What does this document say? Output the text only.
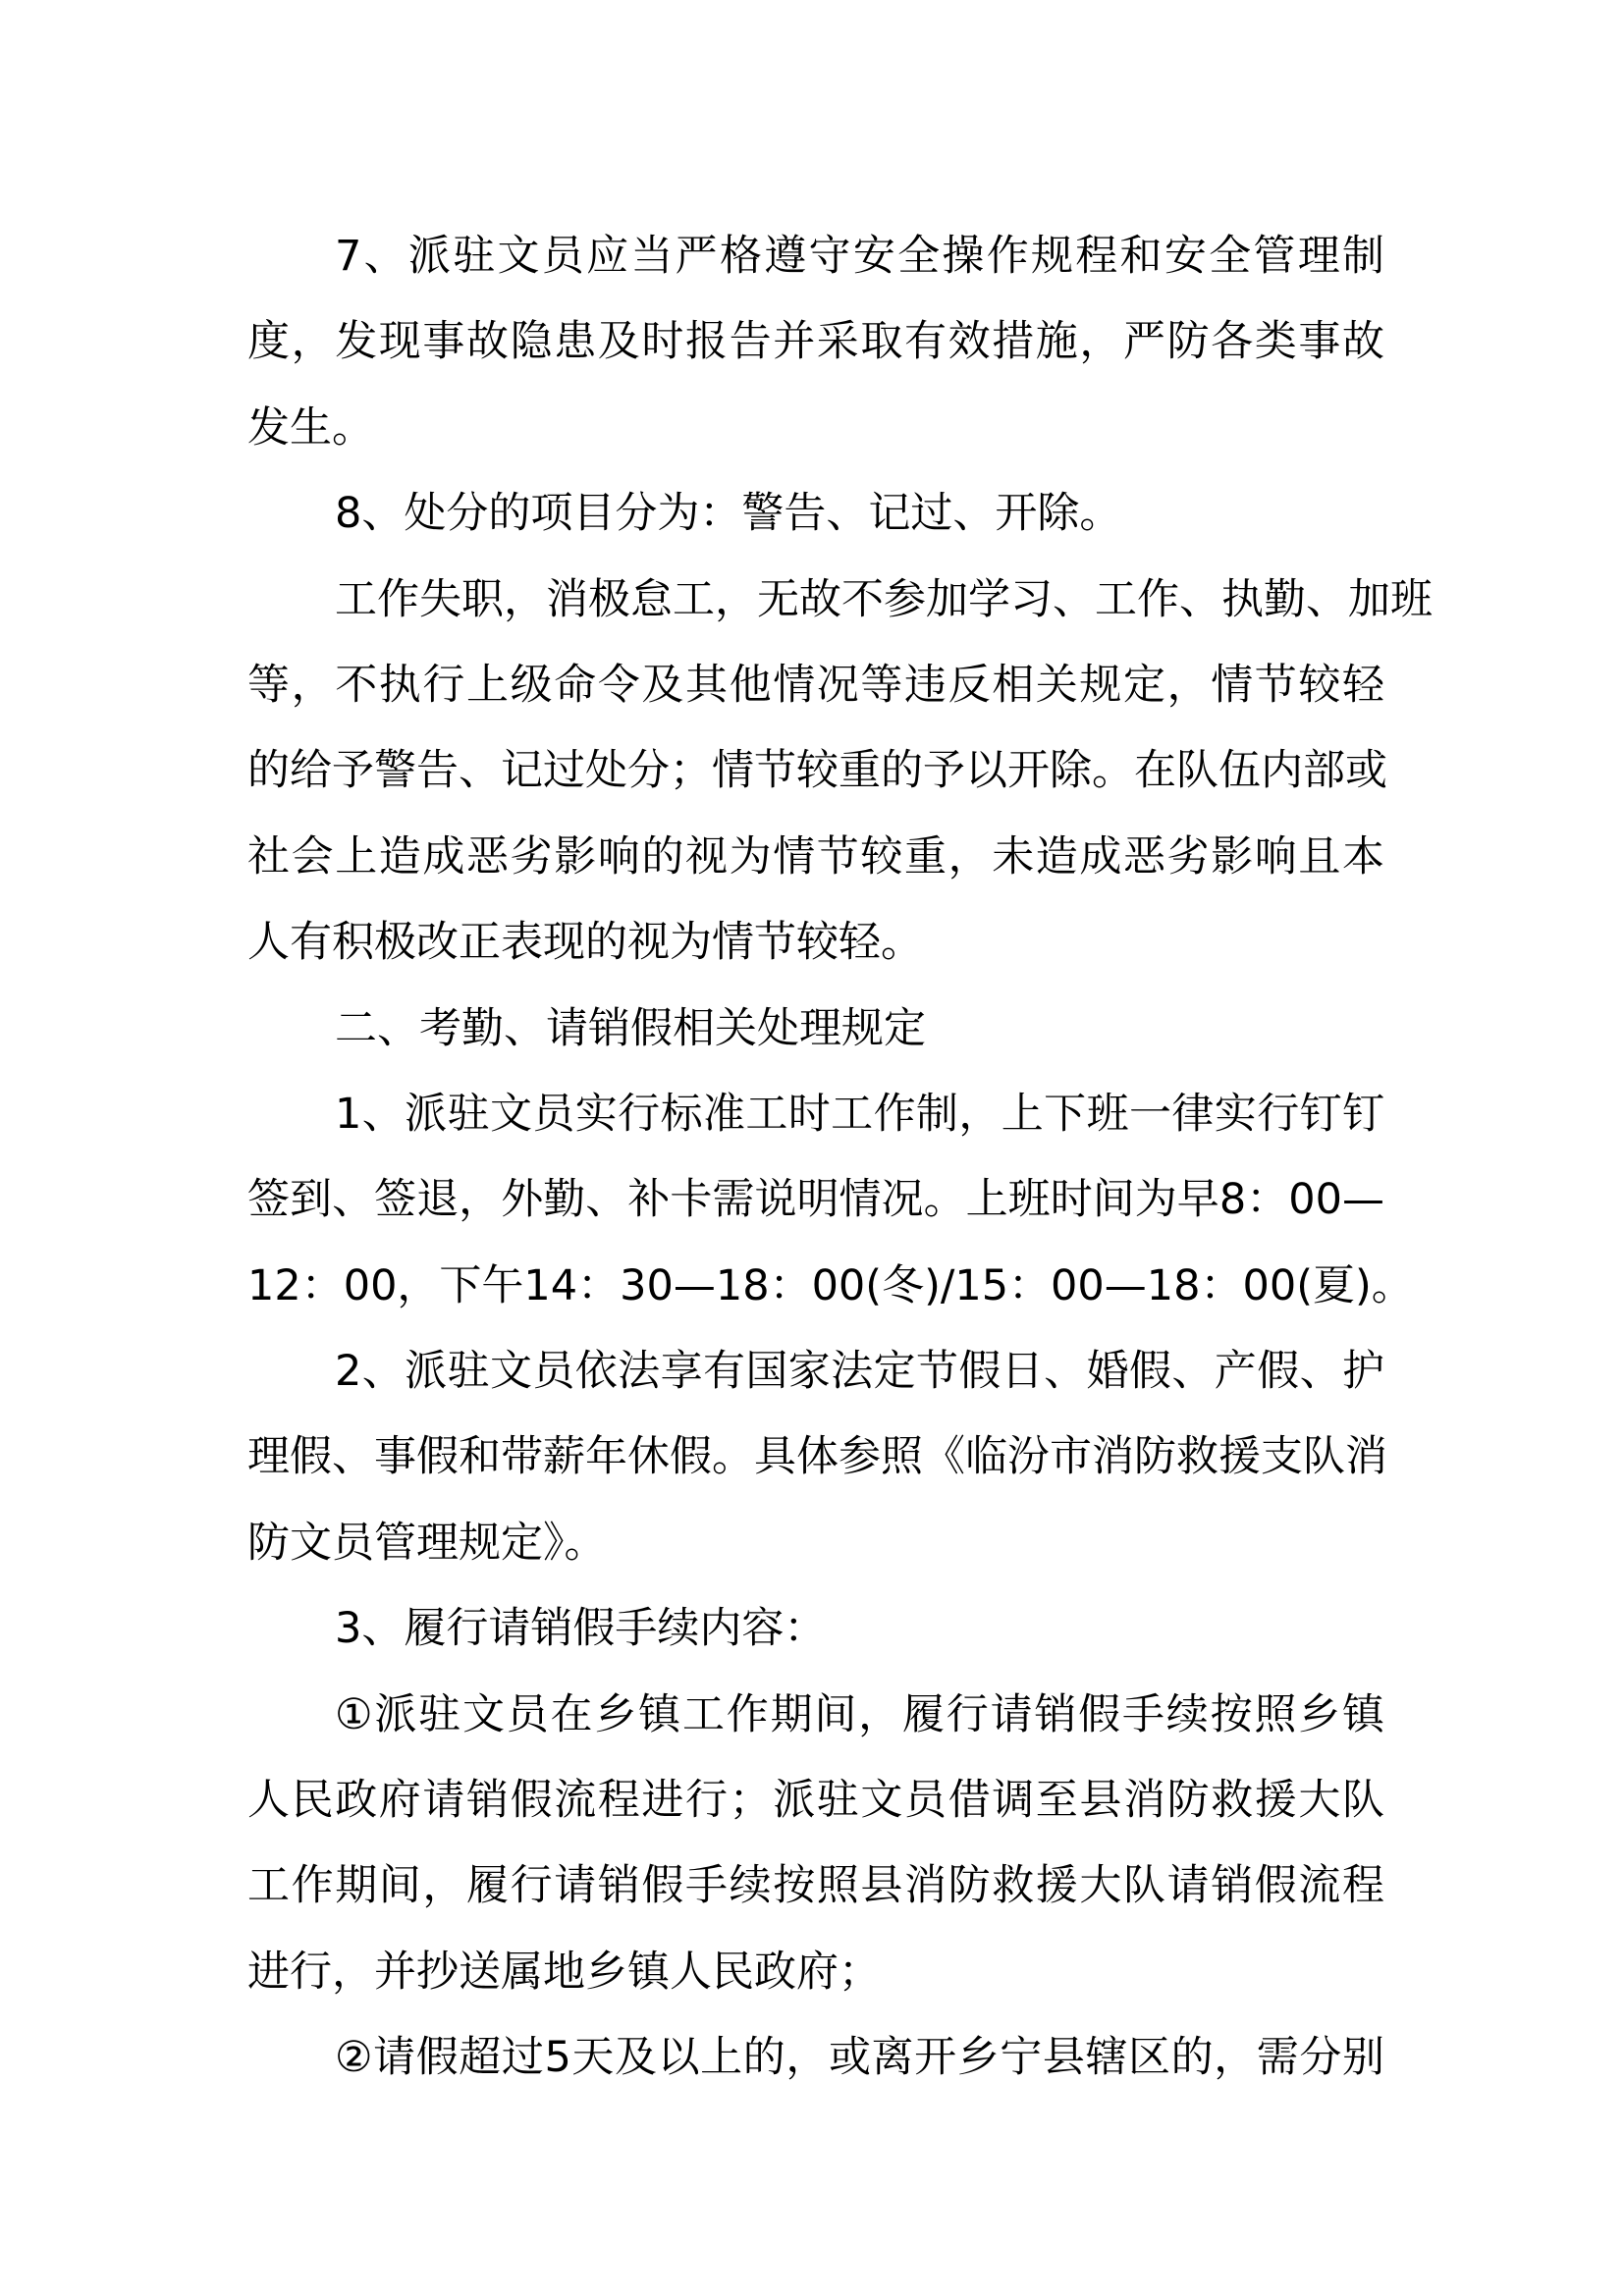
7、派驻文员应当严格遵守安全操作规程和安全管理制
度，发现事故隐患及时报告并采取有效措施，严防各类事故
发生。
8、处分的项目分为：警告、记过、开除。
工作失职，消极怠工，无故不参加学习、工作、执勤、加班
等，不执行上级命令及其他情况等违反相关规定，情节较轻
的给予警告、记过处分；情节较重的予以开除。在队伍内部或
社会上造成恶劣影响的视为情节较重，未造成恶劣影响且本
人有积极改正表现的视为情节较轻。
二、考勤、请销假相关处理规定
1、派驻文员实行标准工时工作制，上下班一律实行钉钉
签到、签退，外勤、补卡需说明情况。上班时间为早8：00—
12：00，下午14：30—18：00(冬)/15：00—18：00(夏)。
2、派驻文员依法享有国家法定节假日、婚假、产假、护
理假、事假和带薪年休假。具体参照《临汾市消防救援支队消
防文员管理规定》。
3、履行请销假手续内容：
①派驻文员在乡镇工作期间，履行请销假手续按照乡镇
人民政府请销假流程进行；派驻文员借调至县消防救援大队
工作期间，履行请销假手续按照县消防救援大队请销假流程
进行，并抄送属地乡镇人民政府；
②请假超过5天及以上的，或离开乡宁县辖区的，需分别
